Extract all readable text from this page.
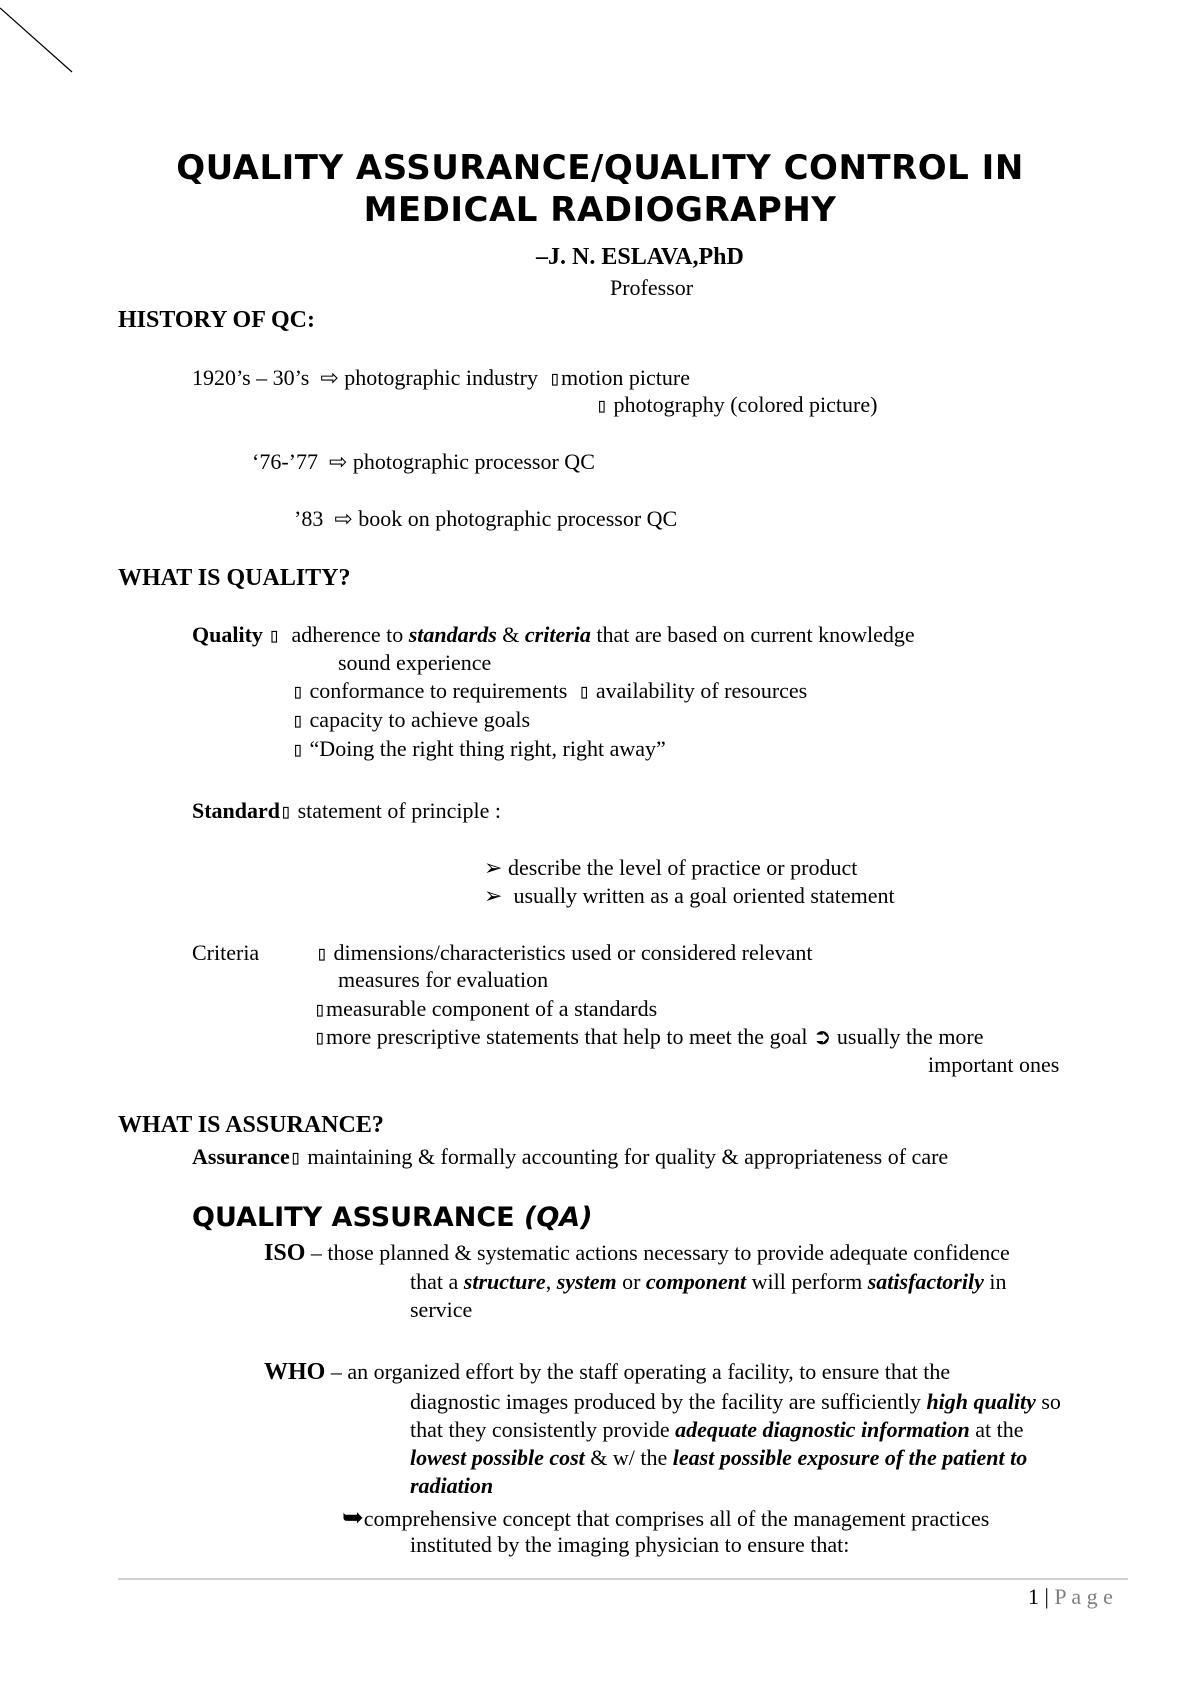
QUALITY ASSURANCE/QUALITY CONTROL IN
MEDICAL RADIOGRAPHY
–J. N. ESLAVA,PhD
Professor
HISTORY OF QC:
1920’s – 30’s ⇨ photographic industry ▯motion picture
▯ photography (colored picture)
‘76-’77 ⇨ photographic processor QC
’83 ⇨ book on photographic processor QC
WHAT IS QUALITY?
Quality ▯ adherence to standards & criteria that are based on current knowledge
sound experience
▯ conformance to requirements ▯ availability of resources
▯ capacity to achieve goals
▯ “Doing the right thing right, right away”
Standard▯ statement of principle :
➢ describe the level of practice or product
➢ usually written as a goal oriented statement
Criteria	▯ dimensions/characteristics used or considered relevant
measures for evaluation
▯measurable component of a standards
▯more prescriptive statements that help to meet the goal ➲ usually the more
important ones
WHAT IS ASSURANCE?
Assurance▯ maintaining & formally accounting for quality & appropriateness of care
QUALITY ASSURANCE (QA)
ISO – those planned & systematic actions necessary to provide adequate confidence
that a structure, system or component will perform satisfactorily in
service
WHO – an organized effort by the staff operating a facility, to ensure that the
diagnostic images produced by the facility are sufficiently high quality so
that they consistently provide adequate diagnostic information at the
lowest possible cost & w/ the least possible exposure of the patient to
radiation
➥comprehensive concept that comprises all of the management practices
instituted by the imaging physician to ensure that:
1 | P a g e
